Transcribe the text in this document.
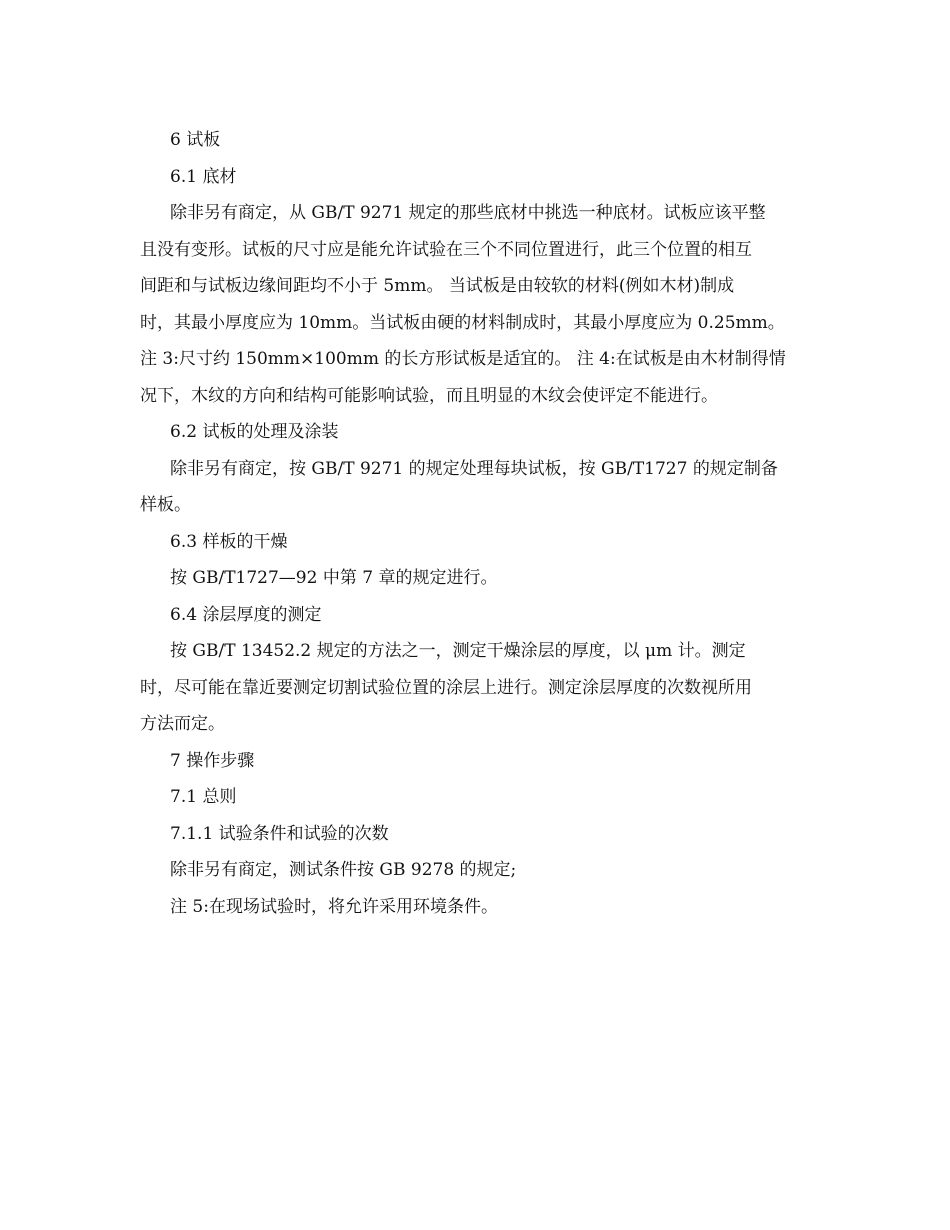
6 试板

6.1 底材

除非另有商定，从 GB/T 9271 规定的那些底材中挑选一种底材。试板应该平整

且没有变形。试板的尺寸应是能允许试验在三个不同位置进行，此三个位置的相互

间距和与试板边缘间距均不小于 5mm。 当试板是由较软的材料(例如木材)制成

时，其最小厚度应为 10mm。当试板由硬的材料制成时，其最小厚度应为 0.25mm。

注 3:尺寸约 150mm×100mm 的长方形试板是适宜的。 注 4:在试板是由木材制得情

况下，木纹的方向和结构可能影响试验，而且明显的木纹会使评定不能进行。

6.2 试板的处理及涂装

除非另有商定，按 GB/T 9271 的规定处理每块试板，按 GB/T1727 的规定制备

样板。

6.3 样板的干燥

按 GB/T1727—92 中第 7 章的规定进行。

6.4 涂层厚度的测定

按 GB/T 13452.2 规定的方法之一，测定干燥涂层的厚度，以 μm 计。测定

时，尽可能在靠近要测定切割试验位置的涂层上进行。测定涂层厚度的次数视所用

方法而定。

7 操作步骤

7.1 总则

7.1.1 试验条件和试验的次数

除非另有商定，测试条件按 GB 9278 的规定;

注 5:在现场试验时，将允许采用环境条件。
